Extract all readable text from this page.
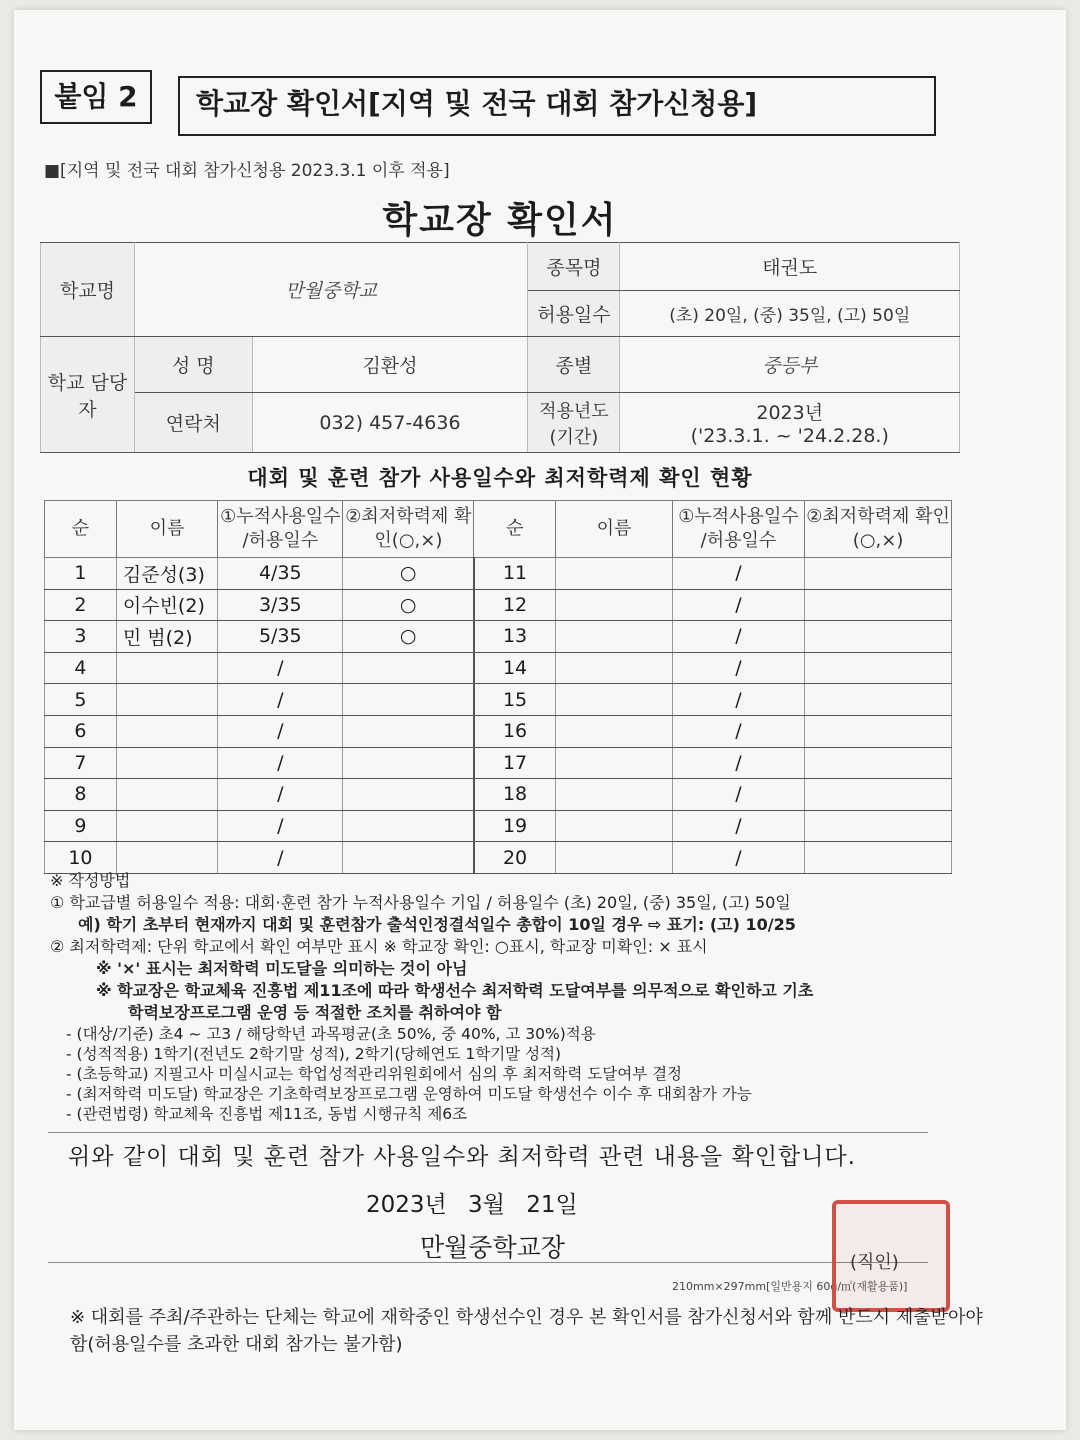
붙임 2	학교장 확인서[지역 및 전국 대회 참가신청용]
■[지역 및 전국 대회 참가신청용 2023.3.1 이후 적용]
학교장 확인서
학교명	만월중학교		종목명	태권도
			허용일수	(초) 20일, (중) 35일, (고) 50일
학교 담당자	성 명	김환성	종별	중등부
	연락처	032) 457-4636	적용년도 (기간)	2023년
('23.3.1. ~ '24.2.28.)
대회 및 훈련 참가 사용일수와 최저학력제 확인 현황
순	이름	①누적사용일수 /허용일수	②최저학력제 확인(○,×)	순	이름	①누적사용일수 /허용일수	②최저학력제 확인(○,×)
1	김준성(3)	4/35	○	11		/	
2	이수빈(2)	3/35	○	12		/	
3	민 범(2)	5/35	○	13		/	
4		/		14		/	
5		/		15		/	
6		/		16		/	
7		/		17		/	
8		/		18		/	
9		/		19		/	
10		/		20		/	
※ 작성방법
① 학교급별 허용일수 적용: 대회·훈련 참가 누적사용일수 기입 / 허용일수 (초) 20일, (중) 35일, (고) 50일
예) 학기 초부터 현재까지 대회 및 훈련참가 출석인정결석일수 총합이 10일 경우 ⇨ 표기: (고) 10/25
② 최저학력제: 단위 학교에서 확인 여부만 표시 ※ 학교장 확인: ○표시, 학교장 미확인: × 표시
※ '×' 표시는 최저학력 미도달을 의미하는 것이 아님
※ 학교장은 학교체육 진흥법 제11조에 따라 학생선수 최저학력 도달여부를 의무적으로 확인하고 기초
학력보장프로그램 운영 등 적절한 조치를 취하여야 함
- (대상/기준) 초4 ~ 고3 / 해당학년 과목평균(초 50%, 중 40%, 고 30%)적용
- (성적적용) 1학기(전년도 2학기말 성적), 2학기(당해연도 1학기말 성적)
- (초등학교) 지필고사 미실시교는 학업성적관리위원회에서 심의 후 최저학력 도달여부 결정
- (최저학력 미도달) 학교장은 기초학력보장프로그램 운영하여 미도달 학생선수 이수 후 대회참가 가능
- (관련법령) 학교체육 진흥법 제11조, 동법 시행규칙 제6조
위와 같이 대회 및 훈련 참가 사용일수와 최저학력 관련 내용을 확인합니다.
2023년 3월 21일
만월중학교장
210mm×297mm[일반용지 60g/㎡(재활용품)]
(직인)
※ 대회를 주최/주관하는 단체는 학교에 재학중인 학생선수인 경우 본 확인서를 참가신청서와 함께 반드시 제출받아야 함(허용일수를 초과한 대회 참가는 불가함)
